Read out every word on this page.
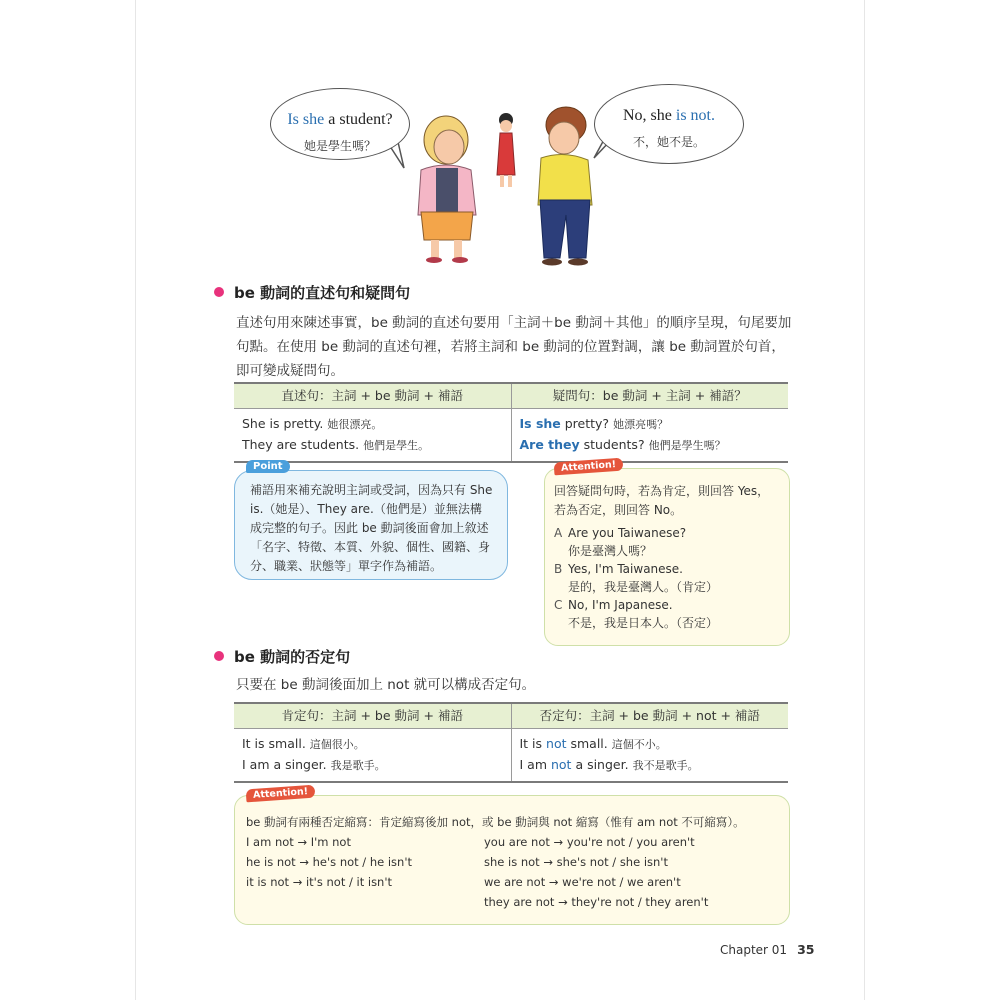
Is she a student?
她是學生嗎？
No, she is not.
不，她不是。
be 動詞的直述句和疑問句
直述句用來陳述事實，be 動詞的直述句要用「主詞＋be 動詞＋其他」的順序呈現，句尾要加
句點。在使用 be 動詞的直述句裡，若將主詞和 be 動詞的位置對調，讓 be 動詞置於句首，
即可變成疑問句。
直述句：主詞 + be 動詞 + 補語	疑問句：be 動詞 + 主詞 + 補語？
She is pretty. 她很漂亮。
They are students. 他們是學生。
Is she pretty? 她漂亮嗎？
Are they students? 他們是學生嗎？
Point
補語用來補充說明主詞或受詞，因為只有 She
is.（她是）、They are.（他們是）並無法構
成完整的句子。因此 be 動詞後面會加上敘述
「名字、特徵、本質、外貌、個性、國籍、身
分、職業、狀態等」單字作為補語。
Attention!
回答疑問句時，若為肯定，則回答 Yes，
若為否定，則回答 No。
A Are you Taiwanese?
你是臺灣人嗎？
B Yes, I'm Taiwanese.
是的，我是臺灣人。（肯定）
C No, I'm Japanese.
不是，我是日本人。（否定）
be 動詞的否定句
只要在 be 動詞後面加上 not 就可以構成否定句。
肯定句：主詞 + be 動詞 + 補語	否定句：主詞 + be 動詞 + not + 補語
It is small. 這個很小。
I am a singer. 我是歌手。
It is not small. 這個不小。
I am not a singer. 我不是歌手。
Attention!
be 動詞有兩種否定縮寫：肯定縮寫後加 not，或 be 動詞與 not 縮寫（惟有 am not 不可縮寫）。
I am not → I'm not
he is not → he's not / he isn't
it is not → it's not / it isn't
you are not → you're not / you aren't
she is not → she's not / she isn't
we are not → we're not / we aren't
they are not → they're not / they aren't
Chapter 01 35
